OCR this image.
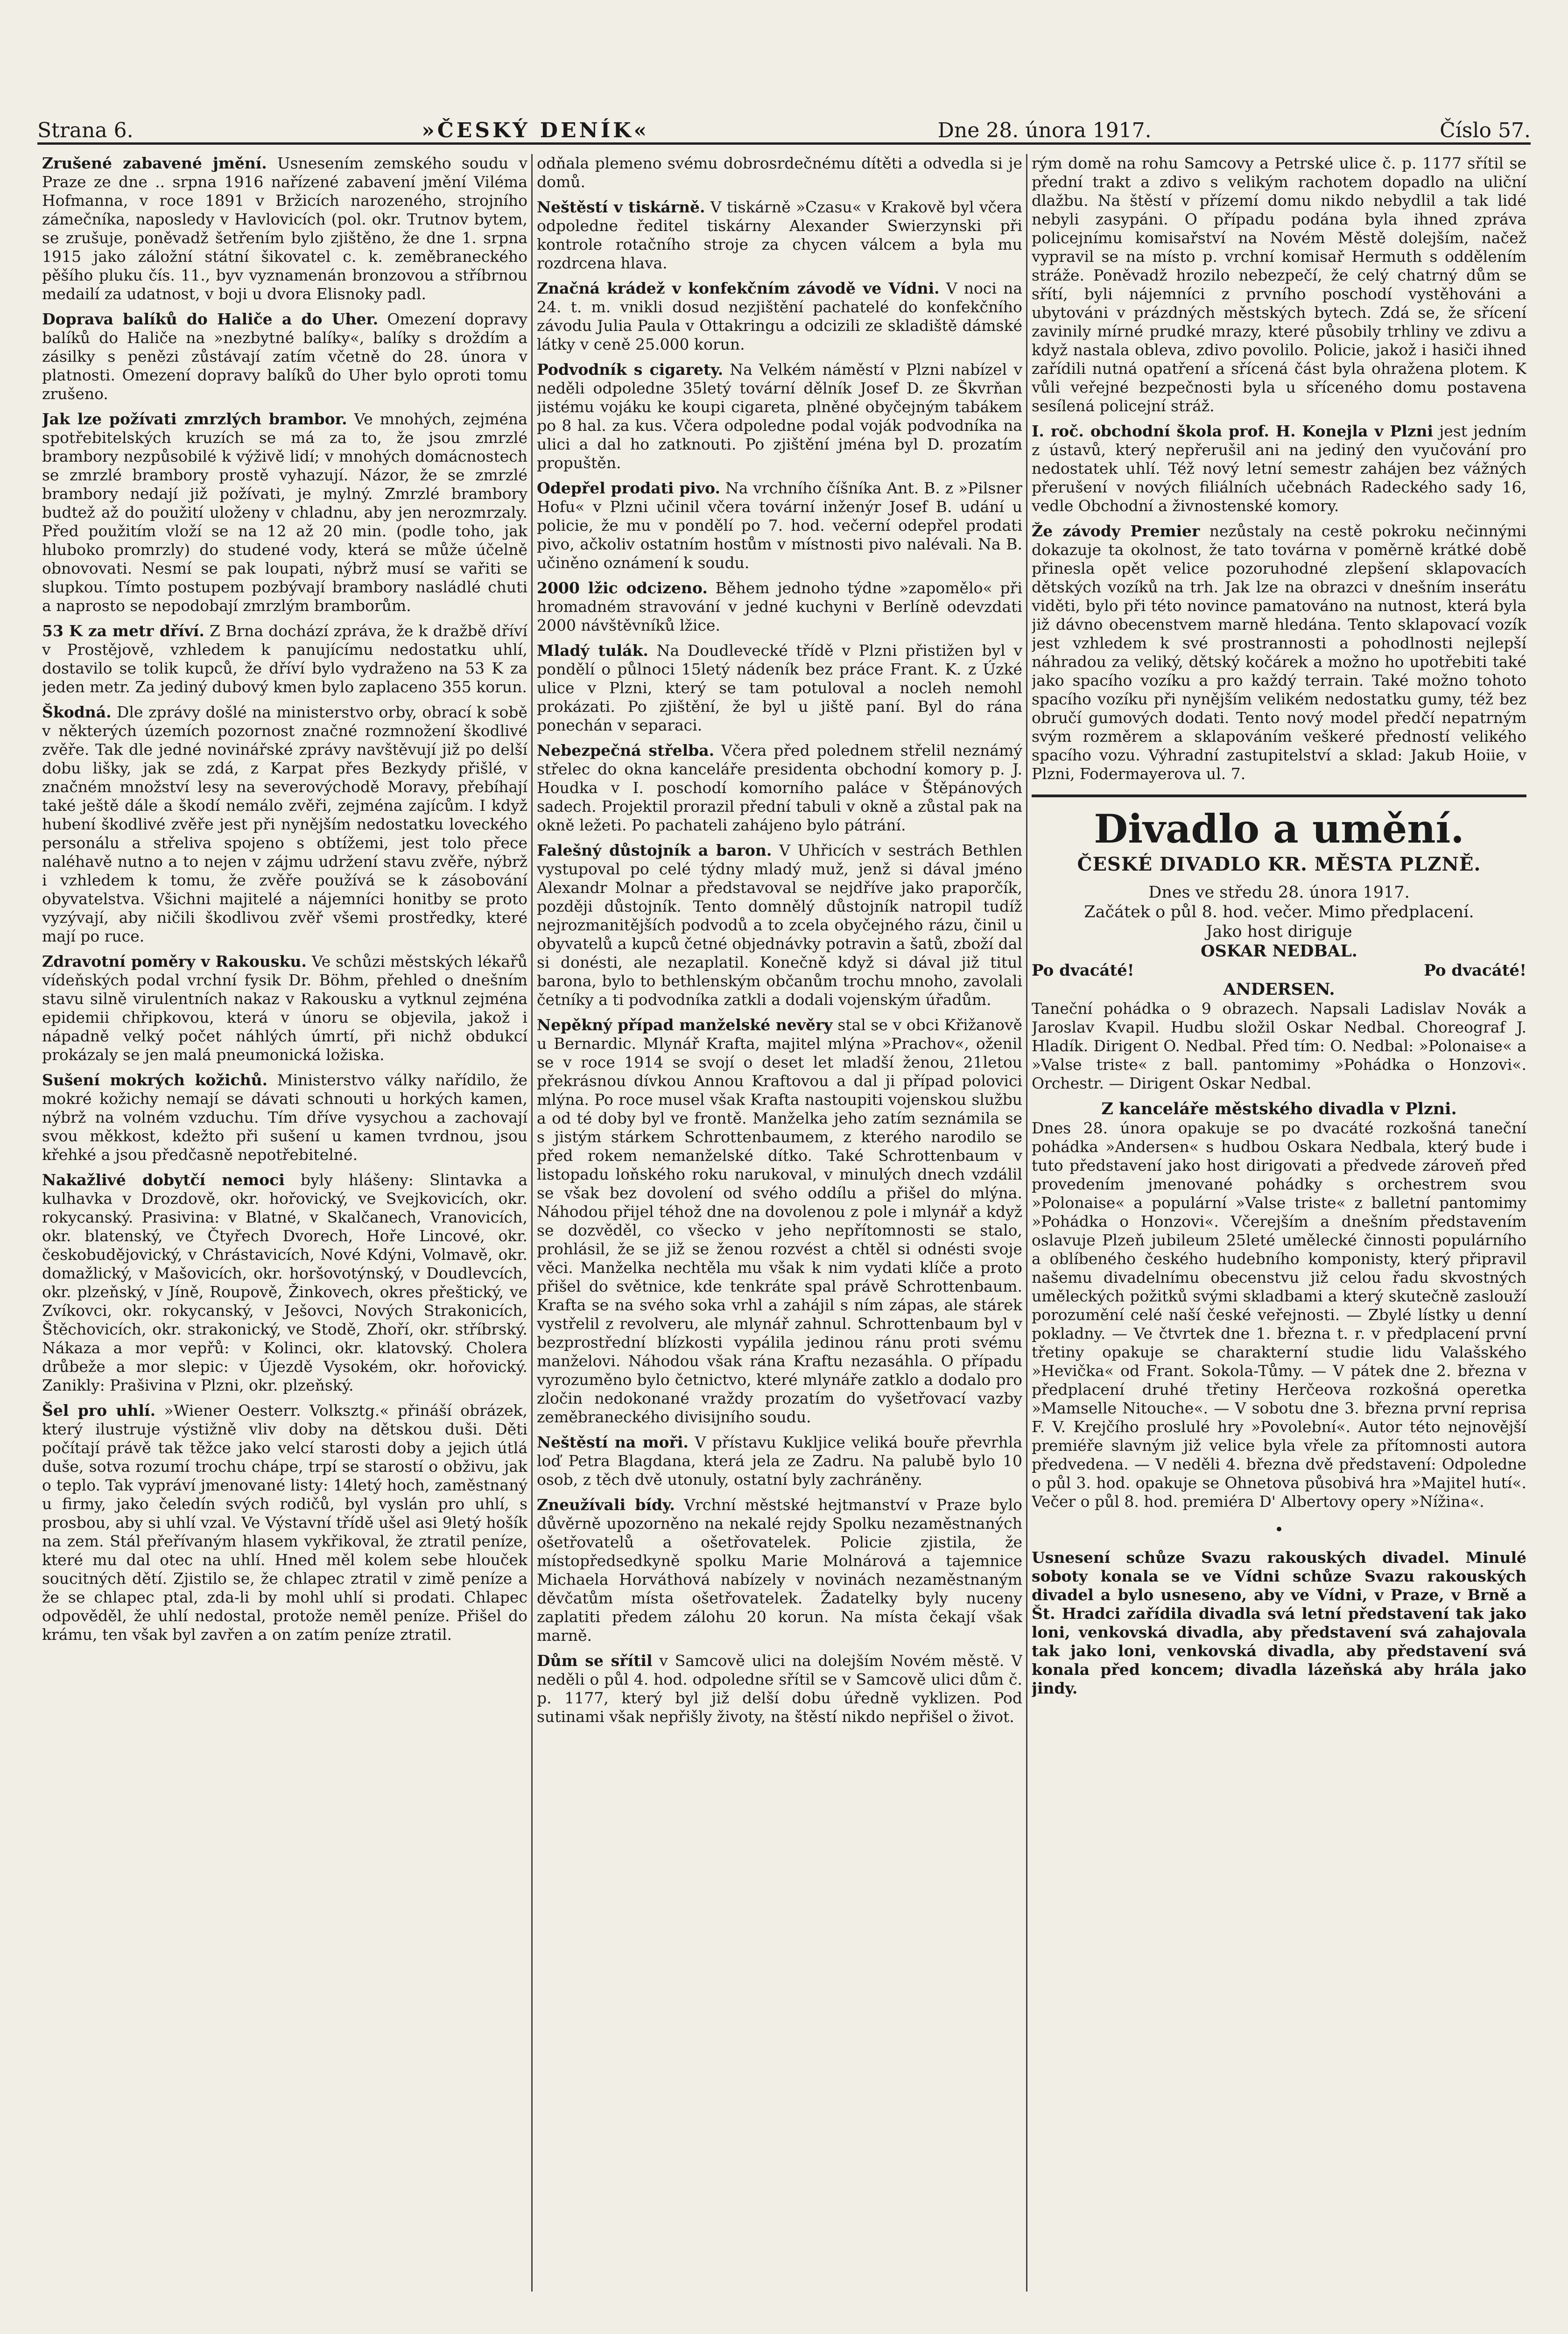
Strana 6.	»ČESKÝ DENÍK«	Dne 28. února 1917.	Číslo 57.

Zrušené zabavené jmění. Usnesením zemského soudu v Praze ze dne .. srpna 1916 nařízené zabavení jmění Viléma Hofmanna, v roce 1891 v Bržicích narozeného, strojního zámečníka, naposledy v Havlovicích (pol. okr. Trutnov bytem, se zrušuje, poněvadž šetřením bylo zjištěno, že dne 1. srpna 1915 jako záložní státní šikovatel c. k. zeměbraneckého pěšího pluku čís. 11., byv vyznamenán bronzovou a stříbrnou medailí za udatnost, v boji u dvora Elisnoky padl.

Doprava balíků do Haliče a do Uher. Omezení dopravy balíků do Haliče na »nezbytné balíky«, balíky s droždím a zásilky s penězi zůstávají zatím včetně do 28. února v platnosti. Omezení dopravy balíků do Uher bylo oproti tomu zrušeno.

Jak lze požívati zmrzlých brambor. Ve mnohých, zejména spotřebitelských kruzích se má za to, že jsou zmrzlé brambory nezpůsobilé k výživě lidí; v mnohých domácnostech se zmrzlé brambory prostě vyhazují. Názor, že se zmrzlé brambory nedají již požívati, je mylný. Zmrzlé brambory budtež až do použití uloženy v chladnu, aby jen nerozmrzaly. Před použitím vloží se na 12 až 20 min. (podle toho, jak hluboko promrzly) do studené vody, která se může účelně obnovovati. Nesmí se pak loupati, nýbrž musí se vařiti se slupkou. Tímto postupem pozbývají brambory nasládlé chuti a naprosto se nepodobají zmrzlým bramborům.

53 K za metr dříví. Z Brna dochází zpráva, že k dražbě dříví v Prostějově, vzhledem k panujícímu nedostatku uhlí, dostavilo se tolik kupců, že dříví bylo vydraženo na 53 K za jeden metr. Za jediný dubový kmen bylo zaplaceno 355 korun.

Škodná. Dle zprávy došlé na ministerstvo orby, obrací k sobě v některých územích pozornost značné rozmnožení škodlivé zvěře. Tak dle jedné novinářské zprávy navštěvují již po delší dobu lišky, jak se zdá, z Karpat přes Bezkydy přišlé, v značném množství lesy na severovýchodě Moravy, přebíhají také ještě dále a škodí nemálo zvěři, zejména zajícům. I když hubení škodlivé zvěře jest při nynějším nedostatku loveckého personálu a střeliva spojeno s obtížemi, jest tolo přece naléhavě nutno a to nejen v zájmu udržení stavu zvěře, nýbrž i vzhledem k tomu, že zvěře používá se k zásobování obyvatelstva. Všichni majitelé a nájemníci honitby se proto vyzývají, aby ničili škodlivou zvěř všemi prostředky, které mají po ruce.

Zdravotní poměry v Rakousku. Ve schůzi městských lékařů vídeňských podal vrchní fysik Dr. Böhm, přehled o dnešním stavu silně virulentních nakaz v Rakousku a vytknul zejména epidemii chřipkovou, která v únoru se objevila, jakož i nápadně velký počet náhlých úmrtí, při nichž obdukcí prokázaly se jen malá pneumonická ložiska.

Sušení mokrých kožichů. Ministerstvo války nařídilo, že mokré kožichy nemají se dávati schnouti u horkých kamen, nýbrž na volném vzduchu. Tím dříve vysychou a zachovají svou měkkost, kdežto při sušení u kamen tvrdnou, jsou křehké a jsou předčasně nepotřebitelné.

Nakažlivé dobytčí nemoci byly hlášeny: Slintavka a kulhavka v Drozdově, okr. hořovický, ve Svejkovicích, okr. rokycanský. Prasivina: v Blatné, v Skalčanech, Vranovicích, okr. blatenský, ve Čtyřech Dvorech, Hoře Lincové, okr. českobudějovický, v Chrástavicích, Nové Kdýni, Volmavě, okr. domažlický, v Mašovicích, okr. horšovotýnský, v Doudlevcích, okr. plzeňský, v Jíně, Roupově, Žinkovech, okres přeštický, ve Zvíkovci, okr. rokycanský, v Ješovci, Nových Strakonicích, Štěchovicích, okr. strakonický, ve Stodě, Zhoří, okr. stříbrský. Nákaza a mor vepřů: v Kolinci, okr. klatovský. Cholera drůbeže a mor slepic: v Újezdě Vysokém, okr. hořovický. Zanikly: Prašivina v Plzni, okr. plzeňský.

Šel pro uhlí. »Wiener Oesterr. Volksztg.« přináší obrázek, který ilustruje výstižně vliv doby na dětskou duši. Děti počítají právě tak těžce jako velcí starosti doby a jejich útlá duše, sotva rozumí trochu chápe, trpí se starostí o obživu, jak o teplo. Tak vypráví jmenované listy: 14letý hoch, zaměstnaný u firmy, jako čeledín svých rodičů, byl vyslán pro uhlí, s prosbou, aby si uhlí vzal. Ve Výstavní třídě ušel asi 9letý hošík na zem. Stál přeřívaným hlasem vykřikoval, že ztratil peníze, které mu dal otec na uhlí. Hned měl kolem sebe hlouček soucitných dětí. Zjistilo se, že chlapec ztratil v zimě peníze a že se chlapec ptal, zda-li by mohl uhlí si prodati. Chlapec odpověděl, že uhlí nedostal, protože neměl peníze. Přišel do krámu, ten však byl zavřen a on zatím peníze ztratil.

odňala plemeno svému dobrosrdečnému dítěti a odvedla si je domů.

Neštěstí v tiskárně. V tiskárně »Czasu« v Krakově byl včera odpoledne ředitel tiskárny Alexander Swierzynski při kontrole rotačního stroje za chycen válcem a byla mu rozdrcena hlava.

Značná krádež v konfekčním závodě ve Vídni. V noci na 24. t. m. vnikli dosud nezjištění pachatelé do konfekčního závodu Julia Paula v Ottakringu a odcizili ze skladiště dámské látky v ceně 25.000 korun.

Podvodník s cigarety. Na Velkém náměstí v Plzni nabízel v neděli odpoledne 35letý tovární dělník Josef D. ze Škvrňan jistému vojáku ke koupi cigareta, plněné obyčejným tabákem po 8 hal. za kus. Včera odpoledne podal voják podvodníka na ulici a dal ho zatknouti. Po zjištění jména byl D. prozatím propuštěn.

Odepřel prodati pivo. Na vrchního číšníka Ant. B. z »Pilsner Hofu« v Plzni učinil včera tovární inženýr Josef B. udání u policie, že mu v pondělí po 7. hod. večerní odepřel prodati pivo, ačkoliv ostatním hostům v místnosti pivo nalévali. Na B. učiněno oznámení k soudu.

2000 lžic odcizeno. Během jednoho týdne »zapomělo« při hromadném stravování v jedné kuchyni v Berlíně odevzdati 2000 návštěvníků lžice.

Mladý tulák. Na Doudlevecké třídě v Plzni přistižen byl v pondělí o půlnoci 15letý nádeník bez práce Frant. K. z Úzké ulice v Plzni, který se tam potuloval a nocleh nemohl prokázati. Po zjištění, že byl u jiště paní. Byl do rána ponechán v separaci.

Nebezpečná střelba. Včera před polednem střelil neznámý střelec do okna kanceláře presidenta obchodní komory p. J. Houdka v I. poschodí komorního paláce v Štěpánových sadech. Projektil prorazil přední tabuli v okně a zůstal pak na okně ležeti. Po pachateli zahájeno bylo pátrání.

Falešný důstojník a baron. V Uhřicích v sestrách Bethlen vystupoval po celé týdny mladý muž, jenž si dával jméno Alexandr Molnar a představoval se nejdříve jako praporčík, později důstojník. Tento domnělý důstojník natropil tudíž nejrozmanitějších podvodů a to zcela obyčejného rázu, činil u obyvatelů a kupců četné objednávky potravin a šatů, zboží dal si donésti, ale nezaplatil. Konečně když si dával již titul barona, bylo to bethlenským občanům trochu mnoho, zavolali četníky a ti podvodníka zatkli a dodali vojenským úřadům.

Nepěkný případ manželské nevěry stal se v obci Křižanově u Bernardic. Mlynář Krafta, majitel mlýna »Prachov«, oženil se v roce 1914 se svojí o deset let mladší ženou, 21letou překrásnou dívkou Annou Kraftovou a dal ji případ polovici mlýna. Po roce musel však Krafta nastoupiti vojenskou službu a od té doby byl ve frontě. Manželka jeho zatím seznámila se s jistým stárkem Schrottenbaumem, z kterého narodilo se před rokem nemanželské dítko. Také Schrottenbaum v listopadu loňského roku narukoval, v minulých dnech vzdálil se však bez dovolení od svého oddílu a přišel do mlýna. Náhodou přijel téhož dne na dovolenou z pole i mlynář a když se dozvěděl, co všecko v jeho nepřítomnosti se stalo, prohlásil, že se již se ženou rozvést a chtěl si odnésti svoje věci. Manželka nechtěla mu však k nim vydati klíče a proto přišel do světnice, kde tenkráte spal právě Schrottenbaum. Krafta se na svého soka vrhl a zahájil s ním zápas, ale stárek vystřelil z revolveru, ale mlynář zahnul. Schrottenbaum byl v bezprostřední blízkosti vypálila jedinou ránu proti svému manželovi. Náhodou však rána Kraftu nezasáhla. O případu vyrozuměno bylo četnictvo, které mlynáře zatklo a dodalo pro zločin nedokonané vraždy prozatím do vyšetřovací vazby zeměbraneckého divisijního soudu.

Neštěstí na moři. V přístavu Kukljice veliká bouře převrhla loď Petra Blagdana, která jela ze Zadru. Na palubě bylo 10 osob, z těch dvě utonuly, ostatní byly zachráněny.

Zneužívali bídy. Vrchní městské hejtmanství v Praze bylo důvěrně upozorněno na nekalé rejdy Spolku nezaměstnaných ošetřovatelů a ošetřovatelek. Policie zjistila, že místopředsedkyně spolku Marie Molnárová a tajemnice Michaela Horváthová nabízely v novinách nezaměstnaným děvčatům místa ošetřovatelek. Žadatelky byly nuceny zaplatiti předem zálohu 20 korun. Na místa čekají však marně.

Dům se sřítil v Samcově ulici na dolejším Novém městě. V neděli o půl 4. hod. odpoledne sřítil se v Samcově ulici dům č. p. 1177, který byl již delší dobu úředně vyklizen. Pod sutinami však nepřišly životy, na štěstí nikdo nepřišel o život.

rým domě na rohu Samcovy a Petrské ulice č. p. 1177 sřítil se přední trakt a zdivo s velikým rachotem dopadlo na uliční dlažbu. Na štěstí v přízemí domu nikdo nebydlil a tak lidé nebyli zasypáni. O případu podána byla ihned zpráva policejnímu komisařství na Novém Městě dolejším, načež vypravil se na místo p. vrchní komisař Hermuth s oddělením stráže. Poněvadž hrozilo nebezpečí, že celý chatrný dům se sřítí, byli nájemníci z prvního poschodí vystěhováni a ubytováni v prázdných městských bytech. Zdá se, že sřícení zavinily mírné prudké mrazy, které působily trhliny ve zdivu a když nastala obleva, zdivo povolilo. Policie, jakož i hasiči ihned zařídili nutná opatření a sřícená část byla ohražena plotem. K vůli veřejné bezpečnosti byla u sříceného domu postavena sesílená policejní stráž.

I. roč. obchodní škola prof. H. Konejla v Plzni jest jedním z ústavů, který nepřerušil ani na jediný den vyučování pro nedostatek uhlí. Též nový letní semestr zahájen bez vážných přerušení v nových filiálních učebnách Radeckého sady 16, vedle Obchodní a živnostenské komory.

Že závody Premier nezůstaly na cestě pokroku nečinnými dokazuje ta okolnost, že tato továrna v poměrně krátké době přinesla opět velice pozoruhodné zlepšení sklapovacích dětských vozíků na trh. Jak lze na obrazci v dnešním inserátu viděti, bylo při této novince pamatováno na nutnost, která byla již dávno obecenstvem marně hledána. Tento sklapovací vozík jest vzhledem k své prostrannosti a pohodlnosti nejlepší náhradou za veliký, dětský kočárek a možno ho upotřebiti také jako spacího vozíku a pro každý terrain. Také možno tohoto spacího vozíku při nynějším velikém nedostatku gumy, též bez obručí gumových dodati. Tento nový model předčí nepatrným svým rozměrem a sklapováním veškeré předností velikého spacího vozu. Výhradní zastupitelství a sklad: Jakub Hoiie, v Plzni, Fodermayerova ul. 7.

Divadlo a umění.
ČESKÉ DIVADLO KR. MĚSTA PLZNĚ.
Dnes ve středu 28. února 1917.
Začátek o půl 8. hod. večer. Mimo předplacení.
Jako host diriguje
OSKAR NEDBAL.
Po dvacáté!	Po dvacáté!
ANDERSEN.

Taneční pohádka o 9 obrazech. Napsali Ladislav Novák a Jaroslav Kvapil. Hudbu složil Oskar Nedbal. Choreograf J. Hladík. Dirigent O. Nedbal. Před tím: O. Nedbal: »Polonaise« a »Valse triste« z ball. pantomimy »Pohádka o Honzovi«. Orchestr. — Dirigent Oskar Nedbal.

Z kanceláře městského divadla v Plzni.

Dnes 28. února opakuje se po dvacáté rozkošná taneční pohádka »Andersen« s hudbou Oskara Nedbala, který bude i tuto představení jako host dirigovati a předvede zároveň před provedením jmenované pohádky s orchestrem svou »Polonaise« a populární »Valse triste« z balletní pantomimy »Pohádka o Honzovi«. Včerejším a dnešním představením oslavuje Plzeň jubileum 25leté umělecké činnosti populárního a oblíbeného českého hudebního komponisty, který připravil našemu divadelnímu obecenstvu již celou řadu skvostných uměleckých požitků svými skladbami a který skutečně zaslouží porozumění celé naší české veřejnosti. — Zbylé lístky u denní pokladny. — Ve čtvrtek dne 1. března t. r. v předplacení první třetiny opakuje se charakterní studie lidu Valašského »Hevička« od Frant. Sokola-Tůmy. — V pátek dne 2. března v předplacení druhé třetiny Herčeova rozkošná operetka »Mamselle Nitouche«. — V sobotu dne 3. března první reprisa F. V. Krejčího proslulé hry »Povolební«. Autor této nejnovější premiéře slavným již velice byla vřele za přítomnosti autora předvedena. — V neděli 4. března dvě představení: Odpoledne o půl 3. hod. opakuje se Ohnetova působivá hra »Majitel hutí«. Večer o půl 8. hod. premiéra D' Albertovy opery »Nížina«.

•

Usnesení schůze Svazu rakouských divadel. Minulé soboty konala se ve Vídni schůze Svazu rakouských divadel a bylo usneseno, aby ve Vídni, v Praze, v Brně a Št. Hradci zařídila divadla svá letní představení tak jako loni, venkovská divadla, aby představení svá zahajovala tak jako loni, venkovská divadla, aby představení svá konala před koncem; divadla lázeňská aby hrála jako jindy.
